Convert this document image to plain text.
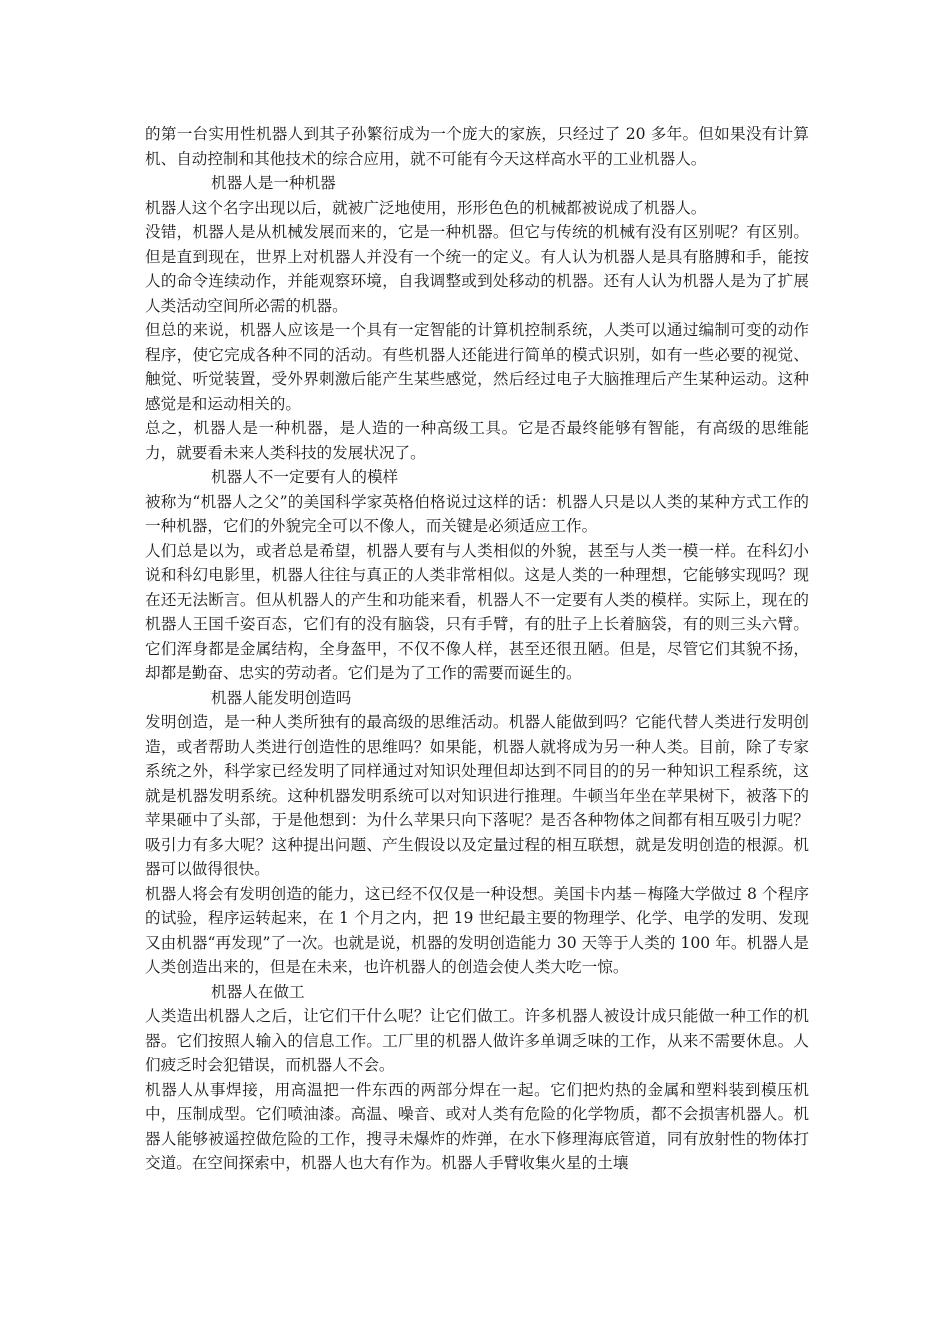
的第一台实用性机器人到其子孙繁衍成为一个庞大的家族，只经过了 20 多年。但如果没有计算机、自动控制和其他技术的综合应用，就不可能有今天这样高水平的工业机器人。

机器人是一种机器

机器人这个名字出现以后，就被广泛地使用，形形色色的机械都被说成了机器人。

没错，机器人是从机械发展而来的，它是一种机器。但它与传统的机械有没有区别呢？有区别。但是直到现在，世界上对机器人并没有一个统一的定义。有人认为机器人是具有胳膊和手，能按人的命令连续动作，并能观察环境，自我调整或到处移动的机器。还有人认为机器人是为了扩展人类活动空间所必需的机器。

但总的来说，机器人应该是一个具有一定智能的计算机控制系统，人类可以通过编制可变的动作程序，使它完成各种不同的活动。有些机器人还能进行简单的模式识别，如有一些必要的视觉、触觉、听觉装置，受外界刺激后能产生某些感觉，然后经过电子大脑推理后产生某种运动。这种感觉是和运动相关的。

总之，机器人是一种机器，是人造的一种高级工具。它是否最终能够有智能，有高级的思维能力，就要看未来人类科技的发展状况了。

机器人不一定要有人的模样

被称为“机器人之父”的美国科学家英格伯格说过这样的话：机器人只是以人类的某种方式工作的一种机器，它们的外貌完全可以不像人，而关键是必须适应工作。

人们总是以为，或者总是希望，机器人要有与人类相似的外貌，甚至与人类一模一样。在科幻小说和科幻电影里，机器人往往与真正的人类非常相似。这是人类的一种理想，它能够实现吗？现在还无法断言。但从机器人的产生和功能来看，机器人不一定要有人类的模样。实际上，现在的机器人王国千姿百态，它们有的没有脑袋，只有手臂，有的肚子上长着脑袋，有的则三头六臂。它们浑身都是金属结构，全身盔甲，不仅不像人样，甚至还很丑陋。但是，尽管它们其貌不扬，却都是勤奋、忠实的劳动者。它们是为了工作的需要而诞生的。

机器人能发明创造吗

发明创造，是一种人类所独有的最高级的思维活动。机器人能做到吗？它能代替人类进行发明创造，或者帮助人类进行创造性的思维吗？如果能，机器人就将成为另一种人类。目前，除了专家系统之外，科学家已经发明了同样通过对知识处理但却达到不同目的的另一种知识工程系统，这就是机器发明系统。这种机器发明系统可以对知识进行推理。牛顿当年坐在苹果树下，被落下的苹果砸中了头部，于是他想到：为什么苹果只向下落呢？是否各种物体之间都有相互吸引力呢？吸引力有多大呢？这种提出问题、产生假设以及定量过程的相互联想，就是发明创造的根源。机器可以做得很快。

机器人将会有发明创造的能力，这已经不仅仅是一种设想。美国卡内基－梅隆大学做过 8 个程序的试验，程序运转起来，在 1 个月之内，把 19 世纪最主要的物理学、化学、电学的发明、发现又由机器“再发现”了一次。也就是说，机器的发明创造能力 30 天等于人类的 100 年。机器人是人类创造出来的，但是在未来，也许机器人的创造会使人类大吃一惊。

机器人在做工

人类造出机器人之后，让它们干什么呢？让它们做工。许多机器人被设计成只能做一种工作的机器。它们按照人输入的信息工作。工厂里的机器人做许多单调乏味的工作，从来不需要休息。人们疲乏时会犯错误，而机器人不会。

机器人从事焊接，用高温把一件东西的两部分焊在一起。它们把灼热的金属和塑料装到模压机中，压制成型。它们喷油漆。高温、噪音、或对人类有危险的化学物质，都不会损害机器人。机器人能够被遥控做危险的工作，搜寻未爆炸的炸弹，在水下修理海底管道，同有放射性的物体打交道。在空间探索中，机器人也大有作为。机器人手臂收集火星的土壤
